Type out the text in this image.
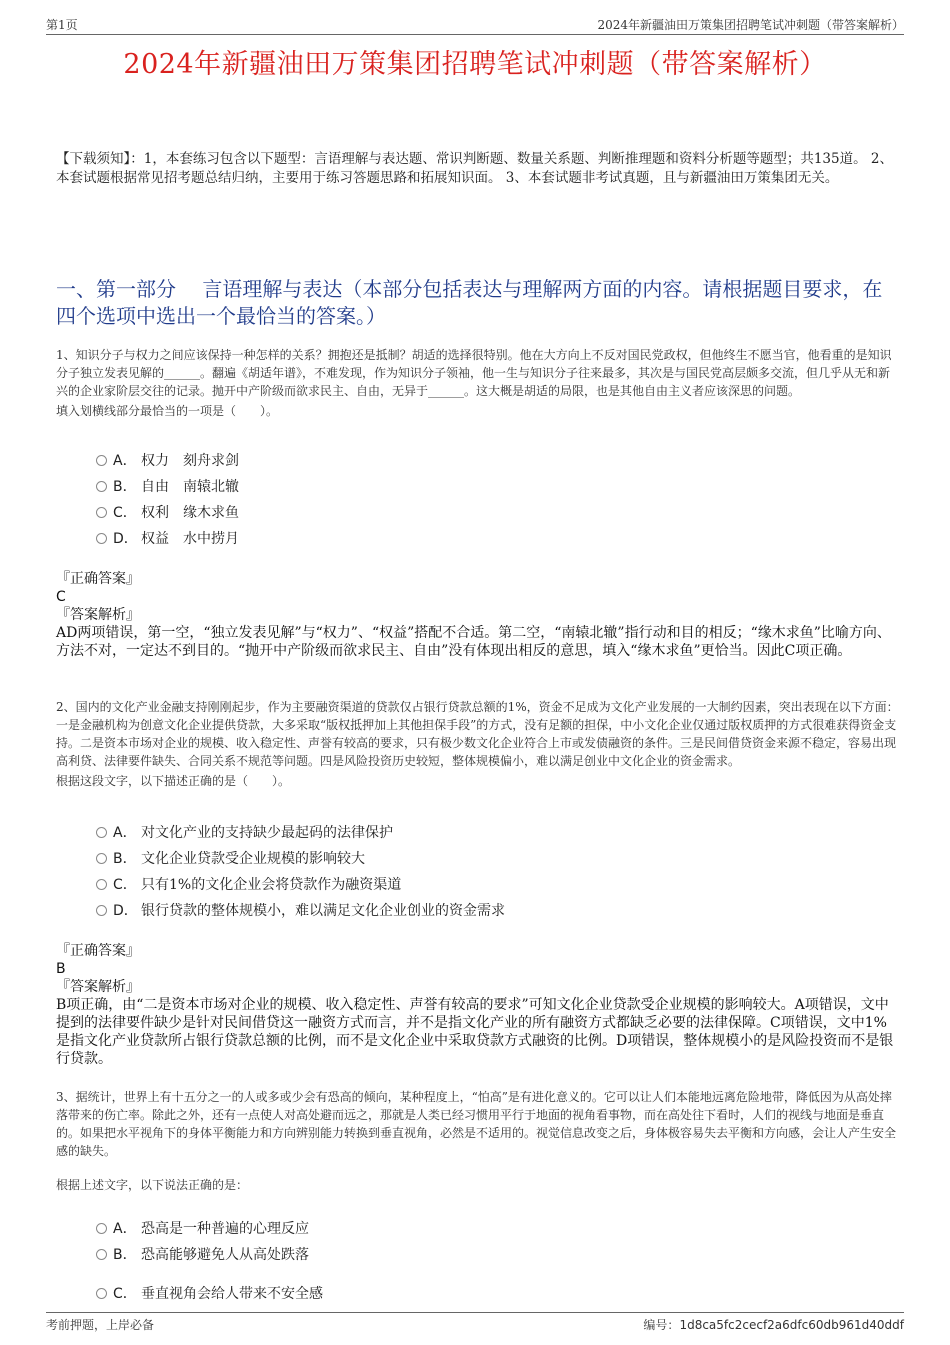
第1页	2024年新疆油田万策集团招聘笔试冲刺题（带答案解析）
2024年新疆油田万策集团招聘笔试冲刺题（带答案解析）
【下载须知】：1，本套练习包含以下题型：言语理解与表达题、常识判断题、数量关系题、判断推理题和资料分析题等题型；共135道。 2、本套试题根据常见招考题总结归纳，主要用于练习答题思路和拓展知识面。 3、本套试题非考试真题，且与新疆油田万策集团无关。
一、第一部分　 言语理解与表达（本部分包括表达与理解两方面的内容。请根据题目要求，在四个选项中选出一个最恰当的答案。）

1、知识分子与权力之间应该保持一种怎样的关系？拥抱还是抵制？胡适的选择很特别。他在大方向上不反对国民党政权，但他终生不愿当官，他看重的是知识分子独立发表见解的______。翻遍《胡适年谱》，不难发现，作为知识分子领袖，他一生与知识分子往来最多，其次是与国民党高层颇多交流，但几乎从无和新兴的企业家阶层交往的记录。抛开中产阶级而欲求民主、自由，无异于______。这大概是胡适的局限，也是其他自由主义者应该深思的问题。

填入划横线部分最恰当的一项是（　　）。

A． 权力 刻舟求剑
B． 自由 南辕北辙
C． 权利 缘木求鱼
D． 权益 水中捞月
『正确答案』
C
『答案解析』
AD两项错误，第一空，“独立发表见解”与“权力”、“权益”搭配不合适。第二空，“南辕北辙”指行动和目的相反；“缘木求鱼”比喻方向、方法不对，一定达不到目的。“抛开中产阶级而欲求民主、自由”没有体现出相反的意思，填入“缘木求鱼”更恰当。因此C项正确。

2、国内的文化产业金融支持刚刚起步，作为主要融资渠道的贷款仅占银行贷款总额的1%，资金不足成为文化产业发展的一大制约因素，突出表现在以下方面：一是金融机构为创意文化企业提供贷款，大多采取“版权抵押加上其他担保手段”的方式，没有足额的担保，中小文化企业仅通过版权质押的方式很难获得资金支持。二是资本市场对企业的规模、收入稳定性、声誉有较高的要求，只有极少数文化企业符合上市或发债融资的条件。三是民间借贷资金来源不稳定，容易出现高利贷、法律要件缺失、合同关系不规范等问题。四是风险投资历史较短，整体规模偏小，难以满足创业中文化企业的资金需求。

根据这段文字，以下描述正确的是（　　）。

A． 对文化产业的支持缺少最起码的法律保护
B． 文化企业贷款受企业规模的影响较大
C． 只有1%的文化企业会将贷款作为融资渠道
D． 银行贷款的整体规模小，难以满足文化企业创业的资金需求
『正确答案』
B
『答案解析』
B项正确，由“二是资本市场对企业的规模、收入稳定性、声誉有较高的要求”可知文化企业贷款受企业规模的影响较大。A项错误，文中提到的法律要件缺少是针对民间借贷这一融资方式而言，并不是指文化产业的所有融资方式都缺乏必要的法律保障。C项错误，文中1%是指文化产业贷款所占银行贷款总额的比例，而不是文化企业中采取贷款方式融资的比例。D项错误，整体规模小的是风险投资而不是银行贷款。

3、据统计，世界上有十五分之一的人或多或少会有恐高的倾向，某种程度上，“怕高”是有进化意义的。它可以让人们本能地远离危险地带，降低因为从高处摔落带来的伤亡率。除此之外，还有一点使人对高处避而远之，那就是人类已经习惯用平行于地面的视角看事物，而在高处往下看时，人们的视线与地面是垂直的。如果把水平视角下的身体平衡能力和方向辨别能力转换到垂直视角，必然是不适用的。视觉信息改变之后，身体极容易失去平衡和方向感，会让人产生安全感的缺失。

根据上述文字，以下说法正确的是：

A． 恐高是一种普遍的心理反应
B． 恐高能够避免人从高处跌落
C． 垂直视角会给人带来不安全感
考前押题，上岸必备	编号：1d8ca5fc2cecf2a6dfc60db961d40ddf
